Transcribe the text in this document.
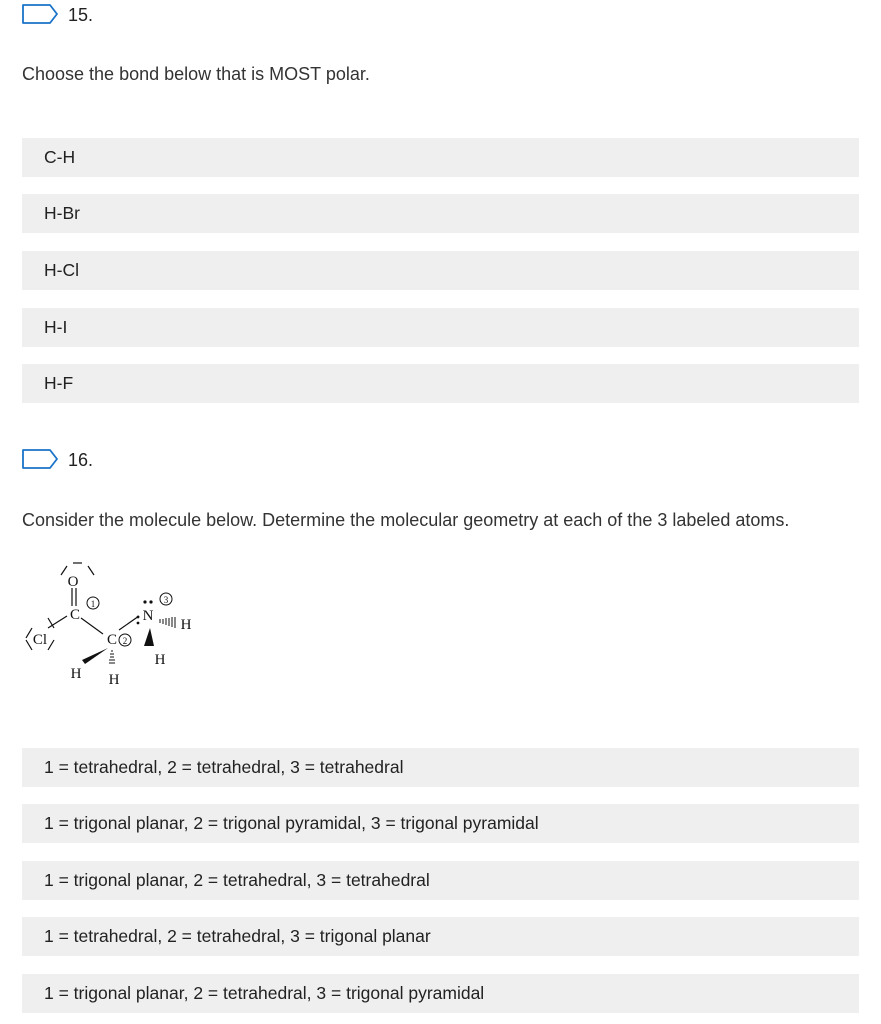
15.
Choose the bond below that is MOST polar.
C-H
H-Br
H-Cl
H-I
H-F
16.
Consider the molecule below. Determine the molecular geometry at each of the 3 labeled atoms.
O
C
Cl	C
N
H
H
H H
1
2
3
1 = tetrahedral, 2 = tetrahedral, 3 = tetrahedral
1 = trigonal planar, 2 = trigonal pyramidal, 3 = trigonal pyramidal
1 = trigonal planar, 2 = tetrahedral, 3 = tetrahedral
1 = tetrahedral, 2 = tetrahedral, 3 = trigonal planar
1 = trigonal planar, 2 = tetrahedral, 3 = trigonal pyramidal
